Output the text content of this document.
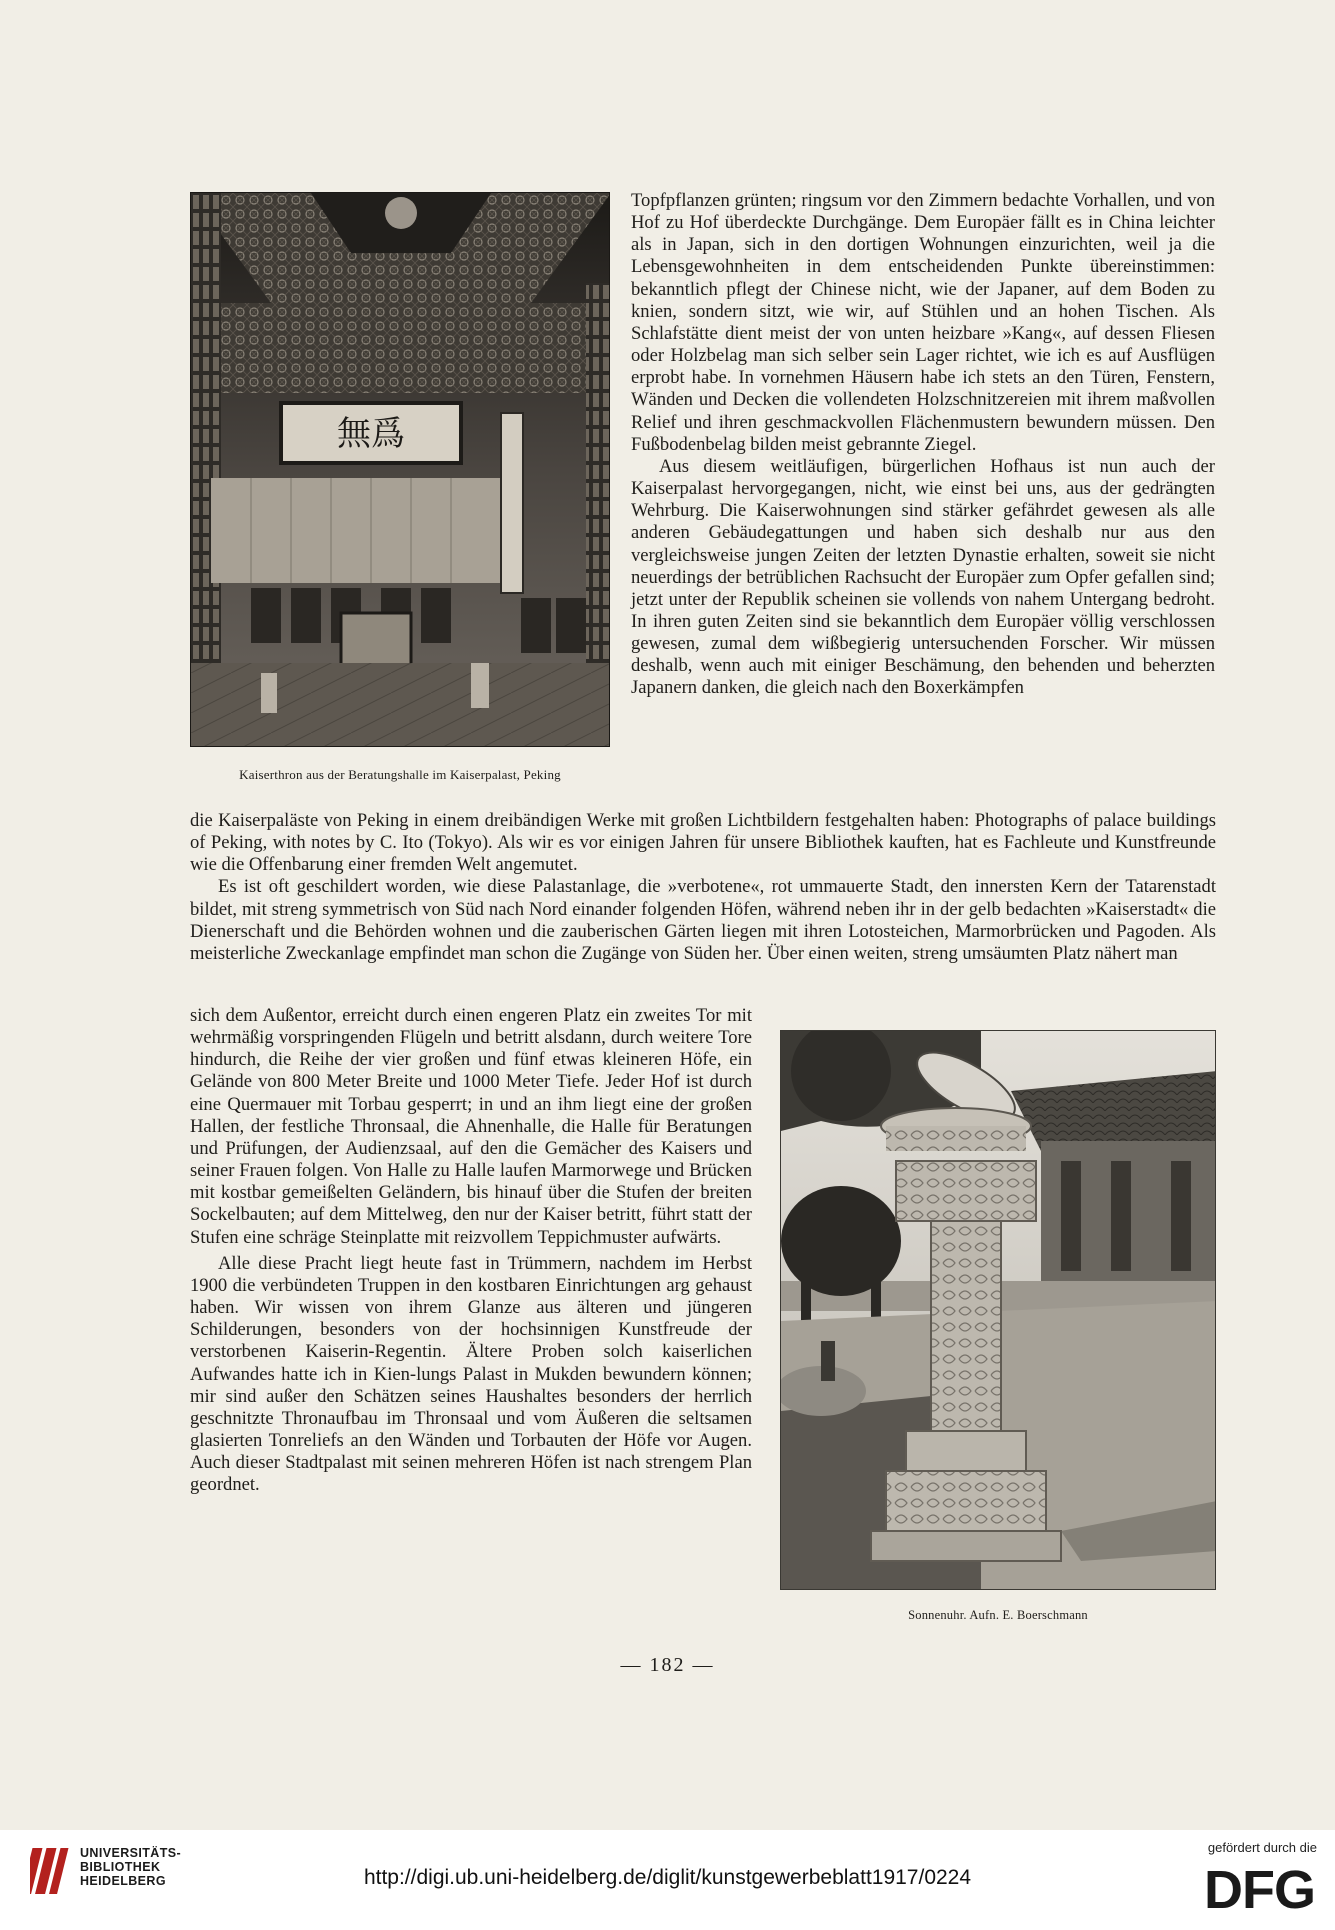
無爲
Kaiserthron aus der Beratungshalle im Kaiserpalast, Peking

Topfpflanzen grünten; ringsum vor den Zimmern bedachte Vorhallen, und von Hof zu Hof überdeckte Durchgänge. Dem Europäer fällt es in China leichter als in Japan, sich in den dortigen Wohnungen einzurichten, weil ja die Lebensgewohnheiten in dem entscheidenden Punkte übereinstimmen: bekanntlich pflegt der Chinese nicht, wie der Japaner, auf dem Boden zu knien, sondern sitzt, wie wir, auf Stühlen und an hohen Tischen. Als Schlafstätte dient meist der von unten heizbare »Kang«, auf dessen Fliesen oder Holzbelag man sich selber sein Lager richtet, wie ich es auf Ausflügen erprobt habe. In vornehmen Häusern habe ich stets an den Türen, Fenstern, Wänden und Decken die vollendeten Holzschnitzereien mit ihrem maßvollen Relief und ihren geschmackvollen Flächenmustern bewundern müssen. Den Fußbodenbelag bilden meist gebrannte Ziegel.

Aus diesem weitläufigen, bürgerlichen Hofhaus ist nun auch der Kaiserpalast hervorgegangen, nicht, wie einst bei uns, aus der gedrängten Wehrburg. Die Kaiserwohnungen sind stärker gefährdet gewesen als alle anderen Gebäudegattungen und haben sich deshalb nur aus den vergleichsweise jungen Zeiten der letzten Dynastie erhalten, soweit sie nicht neuerdings der betrüblichen Rachsucht der Europäer zum Opfer gefallen sind; jetzt unter der Republik scheinen sie vollends von nahem Untergang bedroht. In ihren guten Zeiten sind sie bekanntlich dem Europäer völlig verschlossen gewesen, zumal dem wißbegierig untersuchenden Forscher. Wir müssen deshalb, wenn auch mit einiger Beschämung, den behenden und beherzten Japanern danken, die gleich nach den Boxerkämpfen

die Kaiserpaläste von Peking in einem dreibändigen Werke mit großen Lichtbildern festgehalten haben: Photographs of palace buildings of Peking, with notes by C. Ito (Tokyo). Als wir es vor einigen Jahren für unsere Bibliothek kauften, hat es Fachleute und Kunstfreunde wie die Offenbarung einer fremden Welt angemutet.

Es ist oft geschildert worden, wie diese Palastanlage, die »verbotene«, rot ummauerte Stadt, den innersten Kern der Tatarenstadt bildet, mit streng symmetrisch von Süd nach Nord einander folgenden Höfen, während neben ihr in der gelb bedachten »Kaiserstadt« die Dienerschaft und die Behörden wohnen und die zauberischen Gärten liegen mit ihren Lotosteichen, Marmorbrücken und Pagoden. Als meisterliche Zweckanlage empfindet man schon die Zugänge von Süden her. Über einen weiten, streng umsäumten Platz nähert man

sich dem Außentor, erreicht durch einen engeren Platz ein zweites Tor mit wehrmäßig vorspringenden Flügeln und betritt alsdann, durch weitere Tore hindurch, die Reihe der vier großen und fünf etwas kleineren Höfe, ein Gelände von 800 Meter Breite und 1000 Meter Tiefe. Jeder Hof ist durch eine Quermauer mit Torbau gesperrt; in und an ihm liegt eine der großen Hallen, der festliche Thronsaal, die Ahnenhalle, die Halle für Beratungen und Prüfungen, der Audienzsaal, auf den die Gemächer des Kaisers und seiner Frauen folgen. Von Halle zu Halle laufen Marmorwege und Brücken mit kostbar gemeißelten Geländern, bis hinauf über die Stufen der breiten Sockelbauten; auf dem Mittelweg, den nur der Kaiser betritt, führt statt der Stufen eine schräge Steinplatte mit reizvollem Teppichmuster aufwärts.

Alle diese Pracht liegt heute fast in Trümmern, nachdem im Herbst 1900 die verbündeten Truppen in den kostbaren Einrichtungen arg gehaust haben. Wir wissen von ihrem Glanze aus älteren und jüngeren Schilderungen, besonders von der hochsinnigen Kunstfreude der verstorbenen Kaiserin-Regentin. Ältere Proben solch kaiserlichen Aufwandes hatte ich in Kien-lungs Palast in Mukden bewundern können; mir sind außer den Schätzen seines Haushaltes besonders der herrlich geschnitzte Thronaufbau im Thronsaal und vom Äußeren die seltsamen glasierten Tonreliefs an den Wänden und Torbauten der Höfe vor Augen. Auch dieser Stadtpalast mit seinen mehreren Höfen ist nach strengem Plan geordnet.

Sonnenuhr. Aufn. E. Boerschmann
— 182 —
UNIVERSITÄTS-
BIBLIOTHEK
HEIDELBERG	http://digi.ub.uni-heidelberg.de/diglit/kunstgewerbeblatt1917/0224
gefördert durch die
DFG
